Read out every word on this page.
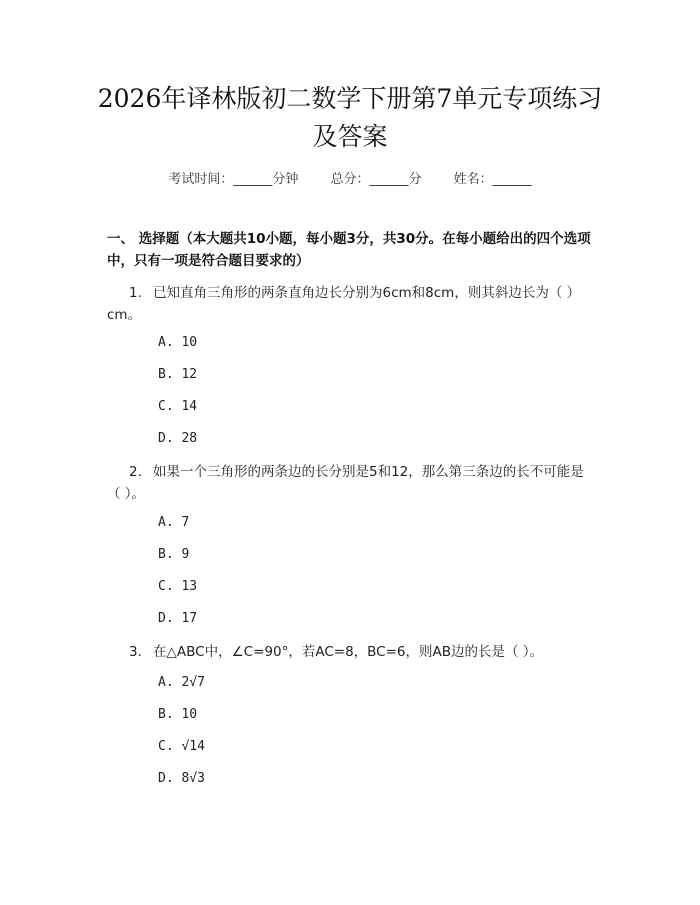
2026年译林版初二数学下册第7单元专项练习及答案
考试时间：______分钟 总分：______分 姓名：______
一、 选择题（本大题共10小题，每小题3分，共30分。在每小题给出的四个选项中，只有一项是符合题目要求的）
1. 已知直角三角形的两条直角边长分别为6cm和8cm，则其斜边长为（ ）cm。
A. 10
B. 12
C. 14
D. 28
2. 如果一个三角形的两条边的长分别是5和12，那么第三条边的长不可能是（ ）。
A. 7
B. 9
C. 13
D. 17
3. 在△ABC中，∠C=90°，若AC=8，BC=6，则AB边的长是（ ）。
A. 2√7
B. 10
C. √14
D. 8√3
